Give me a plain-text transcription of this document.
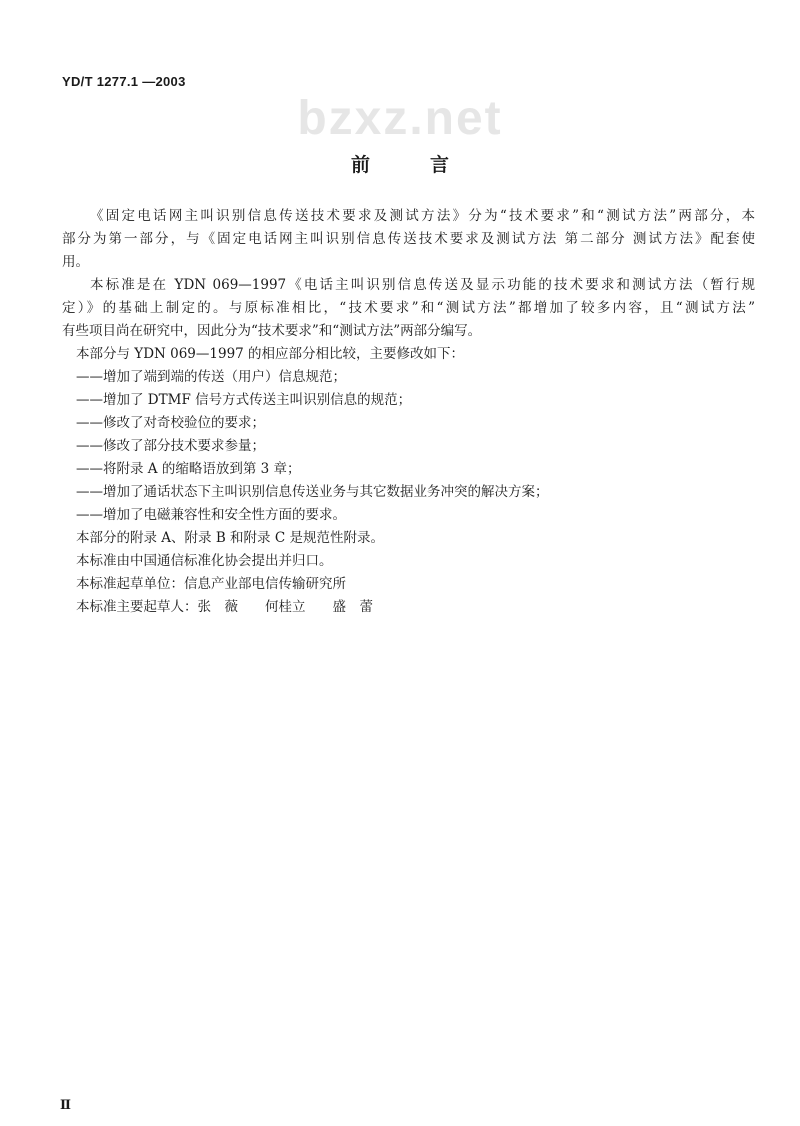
YD/T 1277.1 —2003
bzxz.net
前	言
《固定电话网主叫识别信息传送技术要求及测试方法》分为“技术要求”和“测试方法”两部分，本
部分为第一部分，与《固定电话网主叫识别信息传送技术要求及测试方法 第二部分 测试方法》配套使
用。
本标准是在 YDN 069—1997《电话主叫识别信息传送及显示功能的技术要求和测试方法（暂行规
定）》的基础上制定的。与原标准相比，“技术要求”和“测试方法”都增加了较多内容，且“测试方法”
有些项目尚在研究中，因此分为“技术要求”和“测试方法”两部分编写。
本部分与 YDN 069—1997 的相应部分相比较，主要修改如下：
——增加了端到端的传送（用户）信息规范；
——增加了 DTMF 信号方式传送主叫识别信息的规范；
——修改了对奇校验位的要求；
——修改了部分技术要求参量；
——将附录 A 的缩略语放到第 3 章；
——增加了通话状态下主叫识别信息传送业务与其它数据业务冲突的解决方案；
——增加了电磁兼容性和安全性方面的要求。
本部分的附录 A、附录 B 和附录 C 是规范性附录。
本标准由中国通信标准化协会提出并归口。
本标准起草单位：信息产业部电信传输研究所
本标准主要起草人：张　薇　　何桂立　　盛　蕾
Ⅱ
